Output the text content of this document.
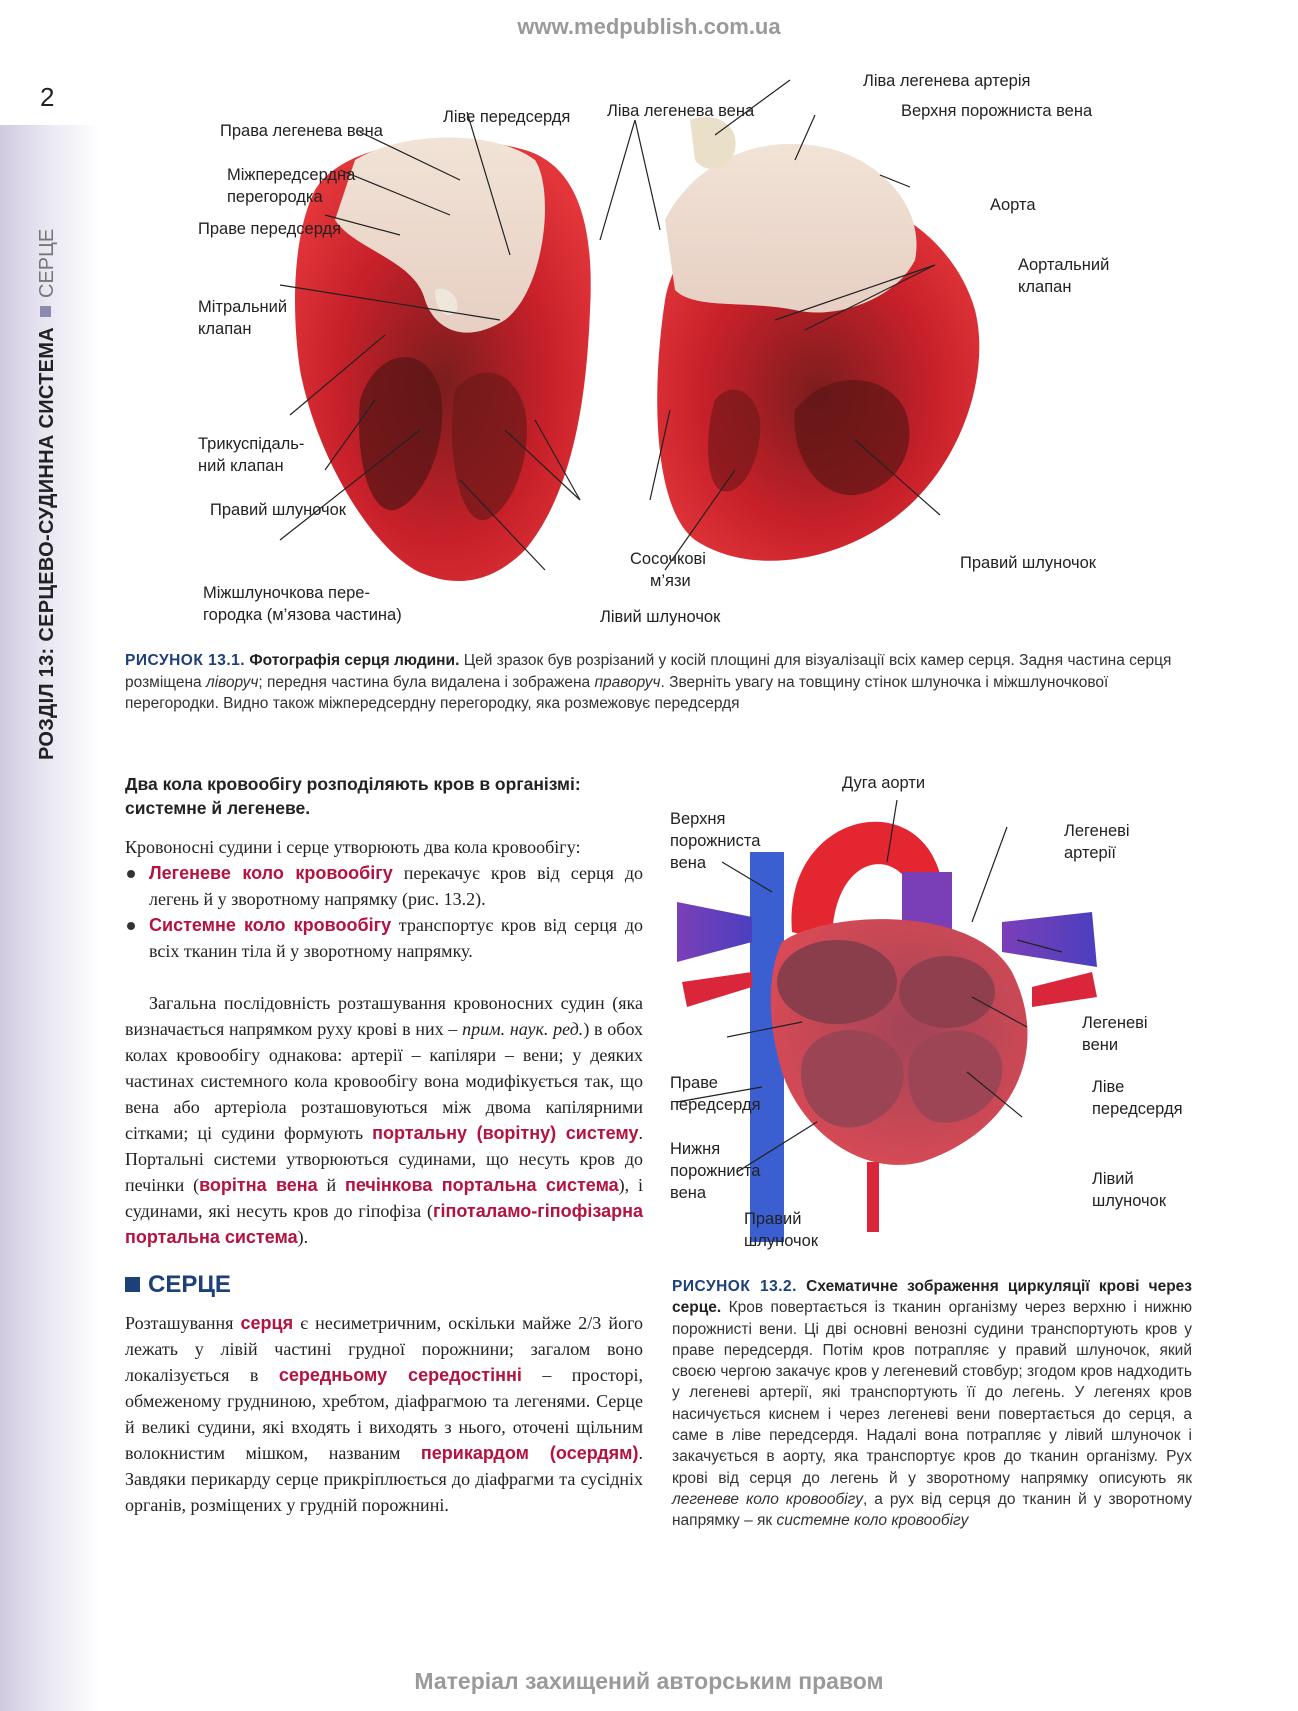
2
РОЗДІЛ 13: СЕРЦЕВО-СУДИННА СИСТЕМАСЕРЦЕ
www.medpublish.com.ua
Права легенева вена
Ліве передсердя Ліва легенева вена
Ліва легенева артерія
Верхня порожниста вена
Міжпередсердна
перегородка
Праве передсердя
Аорта
Аортальний
клапан
Мітральний
клапан
Трикуспідаль-
ний клапан
Правий шлуночок
Сосочкові
м’язи
Правий шлуночок
Міжшлуночкова пере-
городка (м’язова частина)	Лівий шлуночок
РИСУНОК 13.1. Фотографія серця людини. Цей зразок був розрізаний у косій площині для візуалізації всіх камер серця. Задня частина серця розміщена ліворуч; передня частина була видалена і зображена праворуч. Зверніть увагу на товщину стінок шлуночка і міжшлуночкової перегородки. Видно також міжпередсердну перегородку, яка розмежовує передсердя
Два кола кровообігу розподіляють кров в організмі: системне й легеневе.

Кровоносні судини і серце утворюють два кола кровообігу:

Легеневе коло кровообігу перекачує кров від серця до легень й у зворотному напрямку (рис. 13.2).
Системне коло кровообігу транспортує кров від серця до всіх тканин тіла й у зворотному напрямку.

Загальна послідовність розташування кровоносних судин (яка визначається напрямком руху крові в них – прим. наук. ред.) в обох колах кровообігу однакова: артерії – капіляри – вени; у деяких частинах системного кола кровообігу вона модифікується так, що вена або артеріола розташовуються між двома капілярними сітками; ці судини формують портальну (ворітну) систему. Портальні системи утворюються судинами, що несуть кров до печінки (ворітна вена й печінкова портальна система), і судинами, які несуть кров до гіпофіза (гіпоталамо-гіпофізарна портальна система).

СЕРЦЕ

Розташування серця є несиметричним, оскільки майже 2/3 його лежать у лівій частині грудної порожнини; загалом воно локалізується в середньому середостінні – просторі, обмеженому грудниною, хребтом, діафрагмою та легенями. Серце й великі судини, які входять і виходять з нього, оточені щільним волокнистим мішком, названим перикардом (осердям). Завдяки перикарду серце прикріплюється до діафрагми та сусідніх органів, розміщених у грудній порожнині.

Дуга аорти
Верхня
порожниста
вена
Легеневі
артерії
Легеневі
вени
Праве
передсердя
Ліве
передсердя
Нижня
порожниста
вена
Лівий
шлуночок
Правий
шлуночок
РИСУНОК 13.2. Схематичне зображення циркуляції крові через серце. Кров повертається із тканин організму через верхню і нижню порожнисті вени. Ці дві основні венозні судини транспортують кров у праве передсердя. Потім кров потрапляє у правий шлуночок, який своєю чергою закачує кров у легеневий стовбур; згодом кров надходить у легеневі артерії, які транспортують її до легень. У легенях кров насичується киснем і через легеневі вени повертається до серця, а саме в ліве передсердя. Надалі вона потрапляє у лівий шлуночок і закачується в аорту, яка транспортує кров до тканин організму. Рух крові від серця до легень й у зворотному напрямку описують як легеневе коло кровообігу, а рух від серця до тканин й у зворотному напрямку – як системне коло кровообігу
Матеріал захищений авторським правом
